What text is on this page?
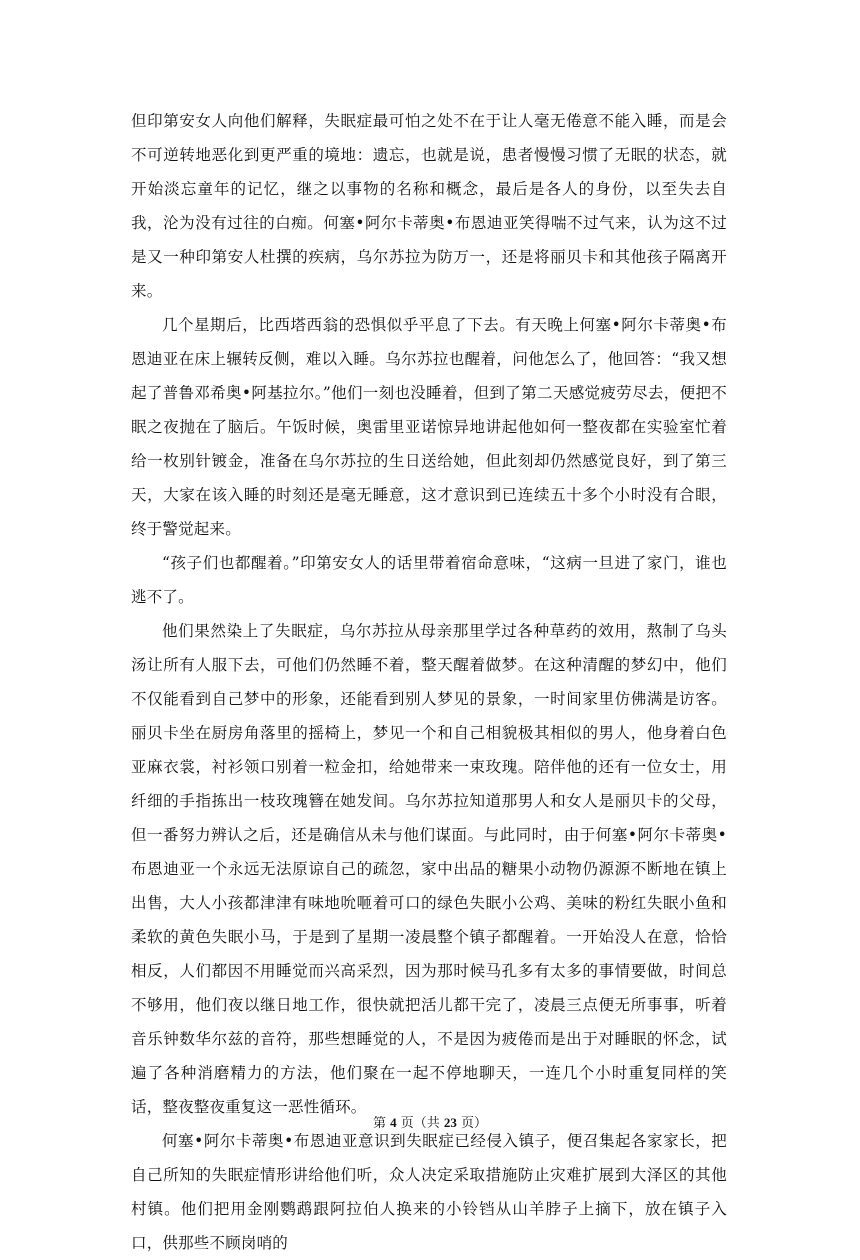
但印第安女人向他们解释，失眠症最可怕之处不在于让人毫无倦意不能入睡，而是会不可逆转地恶化到更严重的境地：遗忘，也就是说，患者慢慢习惯了无眠的状态，就开始淡忘童年的记忆，继之以事物的名称和概念，最后是各人的身份，以至失去自我，沦为没有过往的白痴。何塞•阿尔卡蒂奥•布恩迪亚笑得喘不过气来，认为这不过是又一种印第安人杜撰的疾病，乌尔苏拉为防万一，还是将丽贝卡和其他孩子隔离开来。

几个星期后，比西塔西翁的恐惧似乎平息了下去。有天晚上何塞•阿尔卡蒂奥•布恩迪亚在床上辗转反侧，难以入睡。乌尔苏拉也醒着，问他怎么了，他回答：“我又想起了普鲁邓希奥•阿基拉尔。”他们一刻也没睡着，但到了第二天感觉疲劳尽去，便把不眠之夜抛在了脑后。午饭时候，奥雷里亚诺惊异地讲起他如何一整夜都在实验室忙着给一枚别针镀金，准备在乌尔苏拉的生日送给她，但此刻却仍然感觉良好，到了第三天，大家在该入睡的时刻还是毫无睡意，这才意识到已连续五十多个小时没有合眼，终于警觉起来。

“孩子们也都醒着。”印第安女人的话里带着宿命意味，“这病一旦进了家门，谁也逃不了。

他们果然染上了失眠症，乌尔苏拉从母亲那里学过各种草药的效用，熬制了乌头汤让所有人服下去，可他们仍然睡不着，整天醒着做梦。在这种清醒的梦幻中，他们不仅能看到自己梦中的形象，还能看到别人梦见的景象，一时间家里仿佛满是访客。丽贝卡坐在厨房角落里的摇椅上，梦见一个和自己相貌极其相似的男人，他身着白色亚麻衣裳，衬衫领口别着一粒金扣，给她带来一束玫瑰。陪伴他的还有一位女士，用纤细的手指拣出一枝玫瑰簪在她发间。乌尔苏拉知道那男人和女人是丽贝卡的父母，但一番努力辨认之后，还是确信从未与他们谋面。与此同时，由于何塞•阿尔卡蒂奥•布恩迪亚一个永远无法原谅自己的疏忽，家中出品的糖果小动物仍源源不断地在镇上出售，大人小孩都津津有味地吮咂着可口的绿色失眠小公鸡、美味的粉红失眠小鱼和柔软的黄色失眠小马，于是到了星期一凌晨整个镇子都醒着。一开始没人在意，恰恰相反，人们都因不用睡觉而兴高采烈，因为那时候马孔多有太多的事情要做，时间总不够用，他们夜以继日地工作，很快就把活儿都干完了，凌晨三点便无所事事，听着音乐钟数华尔兹的音符，那些想睡觉的人，不是因为疲倦而是出于对睡眠的怀念，试遍了各种消磨精力的方法，他们聚在一起不停地聊天，一连几个小时重复同样的笑话，整夜整夜重复这一恶性循环。

何塞•阿尔卡蒂奥•布恩迪亚意识到失眠症已经侵入镇子，便召集起各家家长，把自己所知的失眠症情形讲给他们听，众人决定采取措施防止灾难扩展到大泽区的其他村镇。他们把用金刚鹦鹉跟阿拉伯人换来的小铃铛从山羊脖子上摘下，放在镇子入口，供那些不顾岗哨的

第 4 页（共 23 页）
